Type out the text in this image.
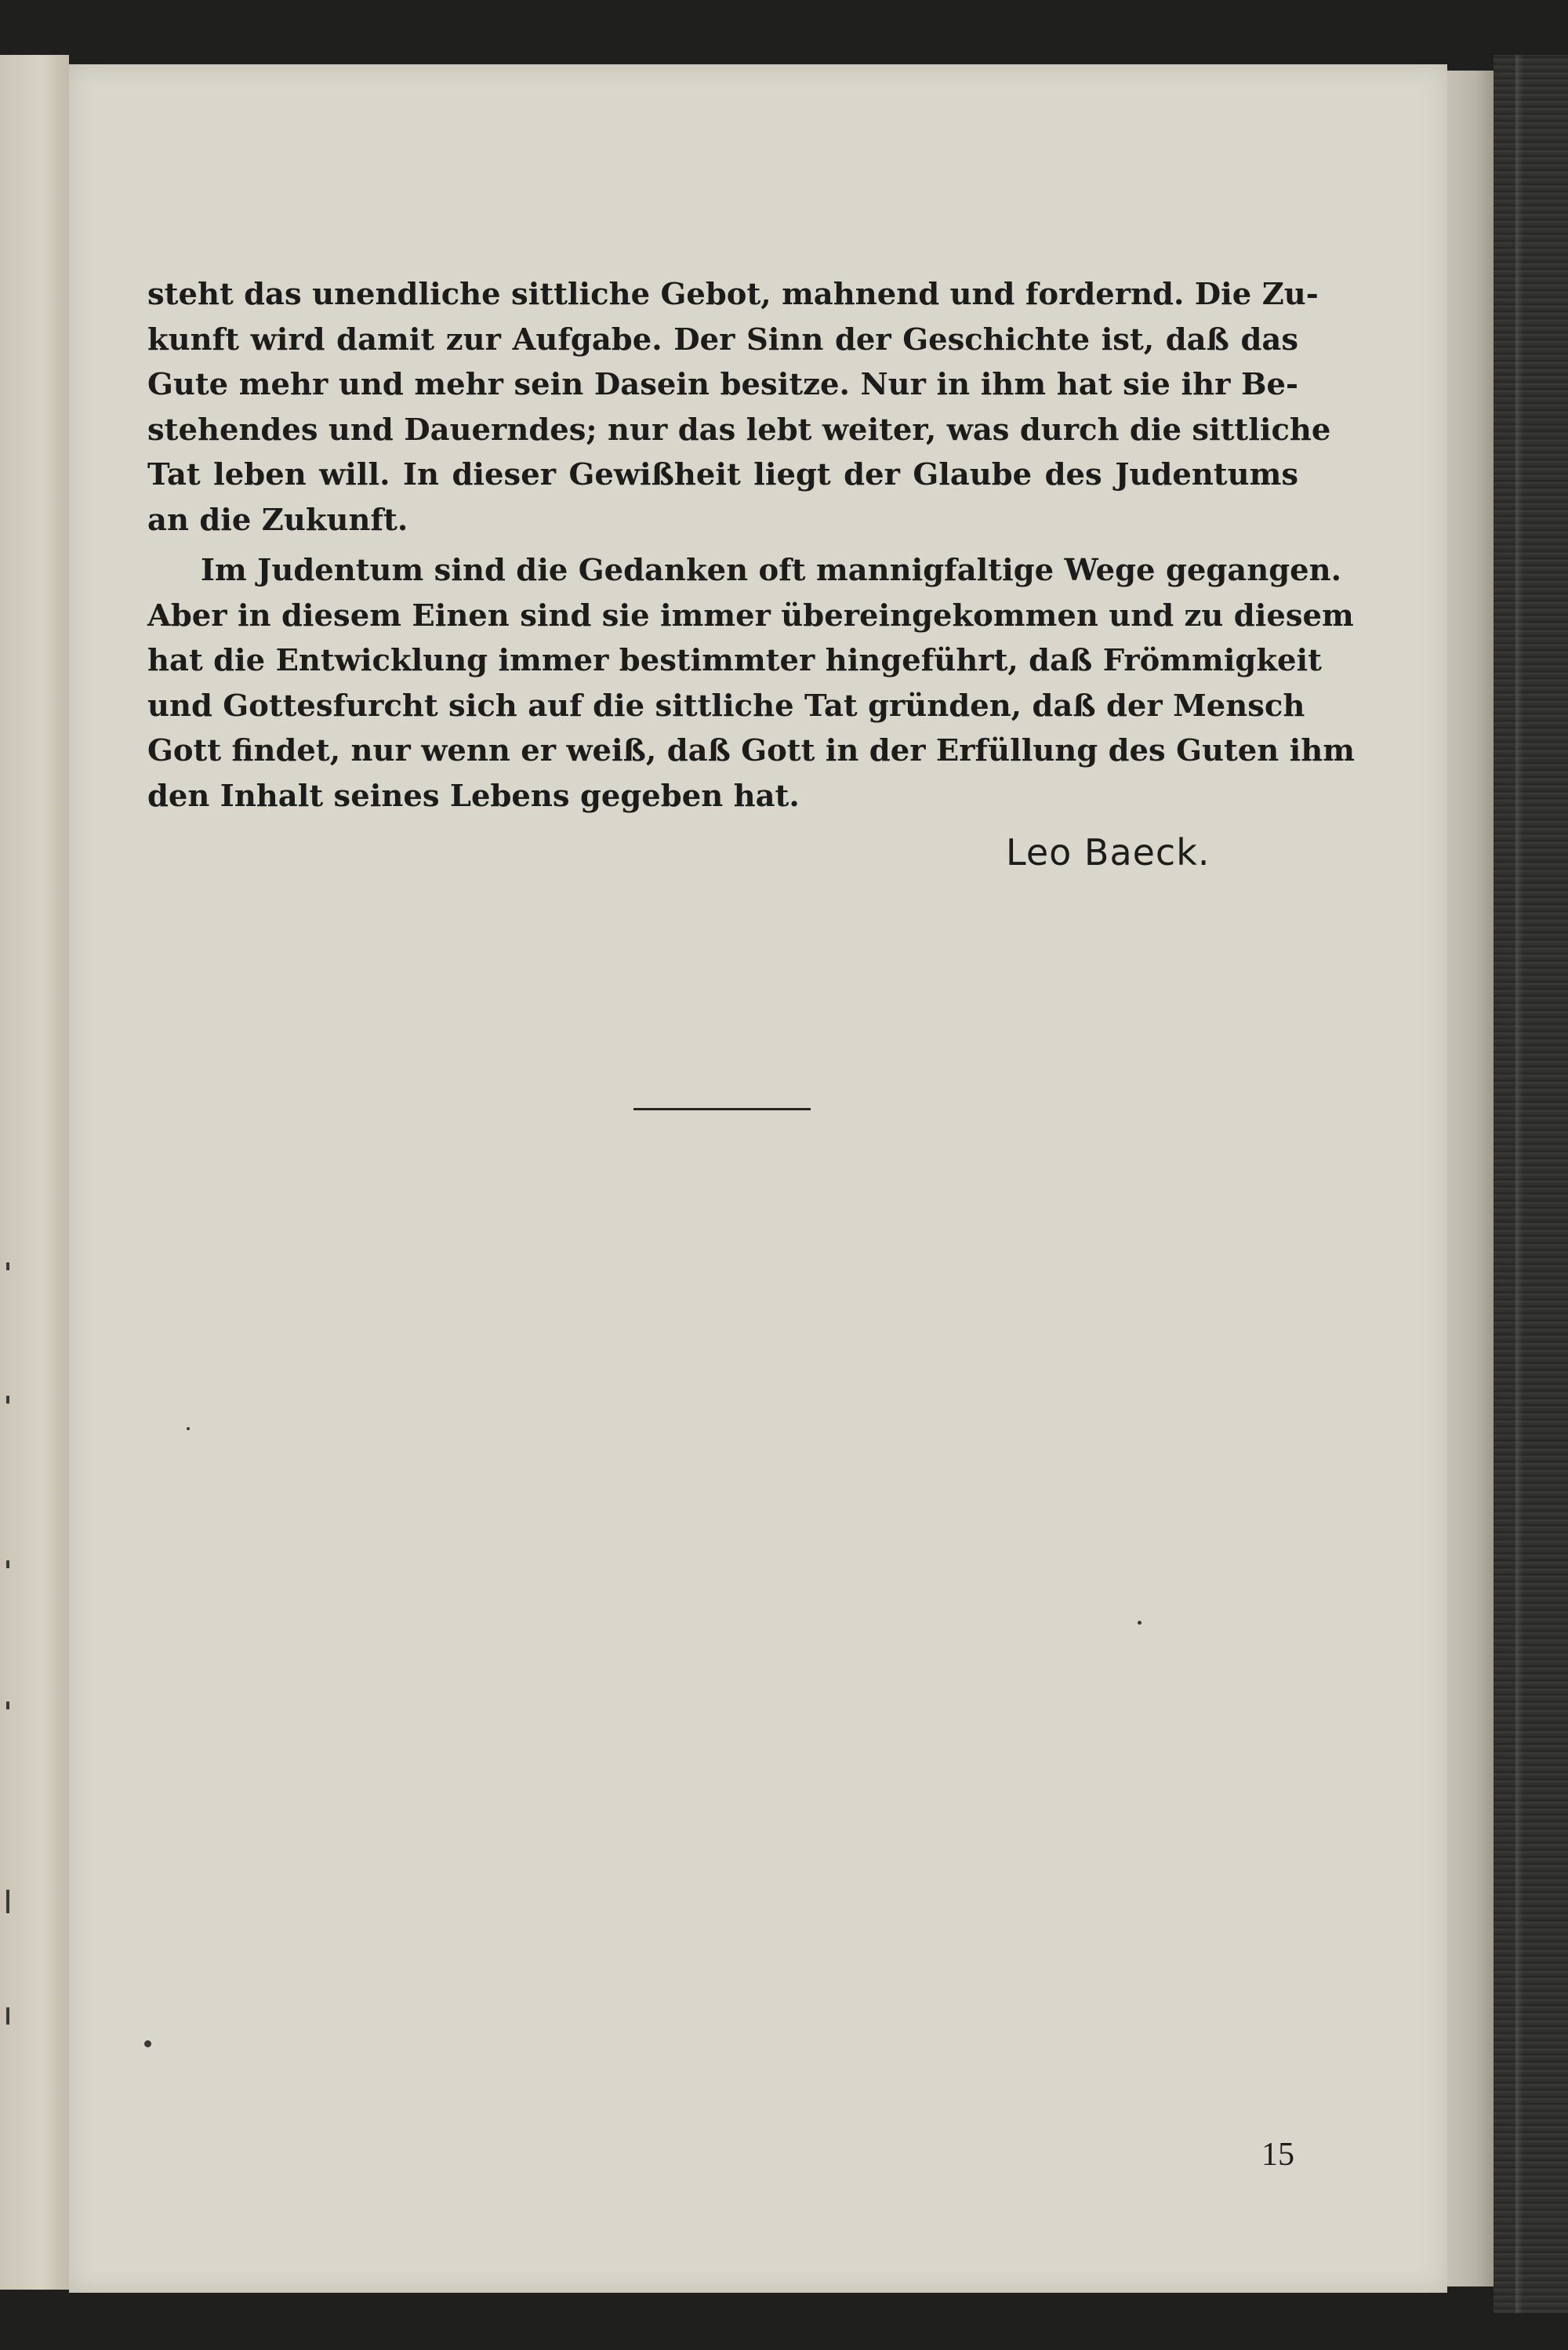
steht das unendliche sittliche Gebot, mahnend und fordernd. Die Zu-
kunft wird damit zur Aufgabe. Der Sinn der Geschichte ist, daß das
Gute mehr und mehr sein Dasein besitze. Nur in ihm hat sie ihr Be-
stehendes und Dauerndes; nur das lebt weiter, was durch die sittliche
Tat leben will. In dieser Gewißheit liegt der Glaube des Judentums
an die Zukunft.

Im Judentum sind die Gedanken oft mannigfaltige Wege gegangen.
Aber in diesem Einen sind sie immer übereingekommen und zu diesem
hat die Entwicklung immer bestimmter hingeführt, daß Frömmigkeit
und Gottesfurcht sich auf die sittliche Tat gründen, daß der Mensch
Gott findet, nur wenn er weiß, daß Gott in der Erfüllung des Guten ihm
den Inhalt seines Lebens gegeben hat.

Leo Baeck.
15
